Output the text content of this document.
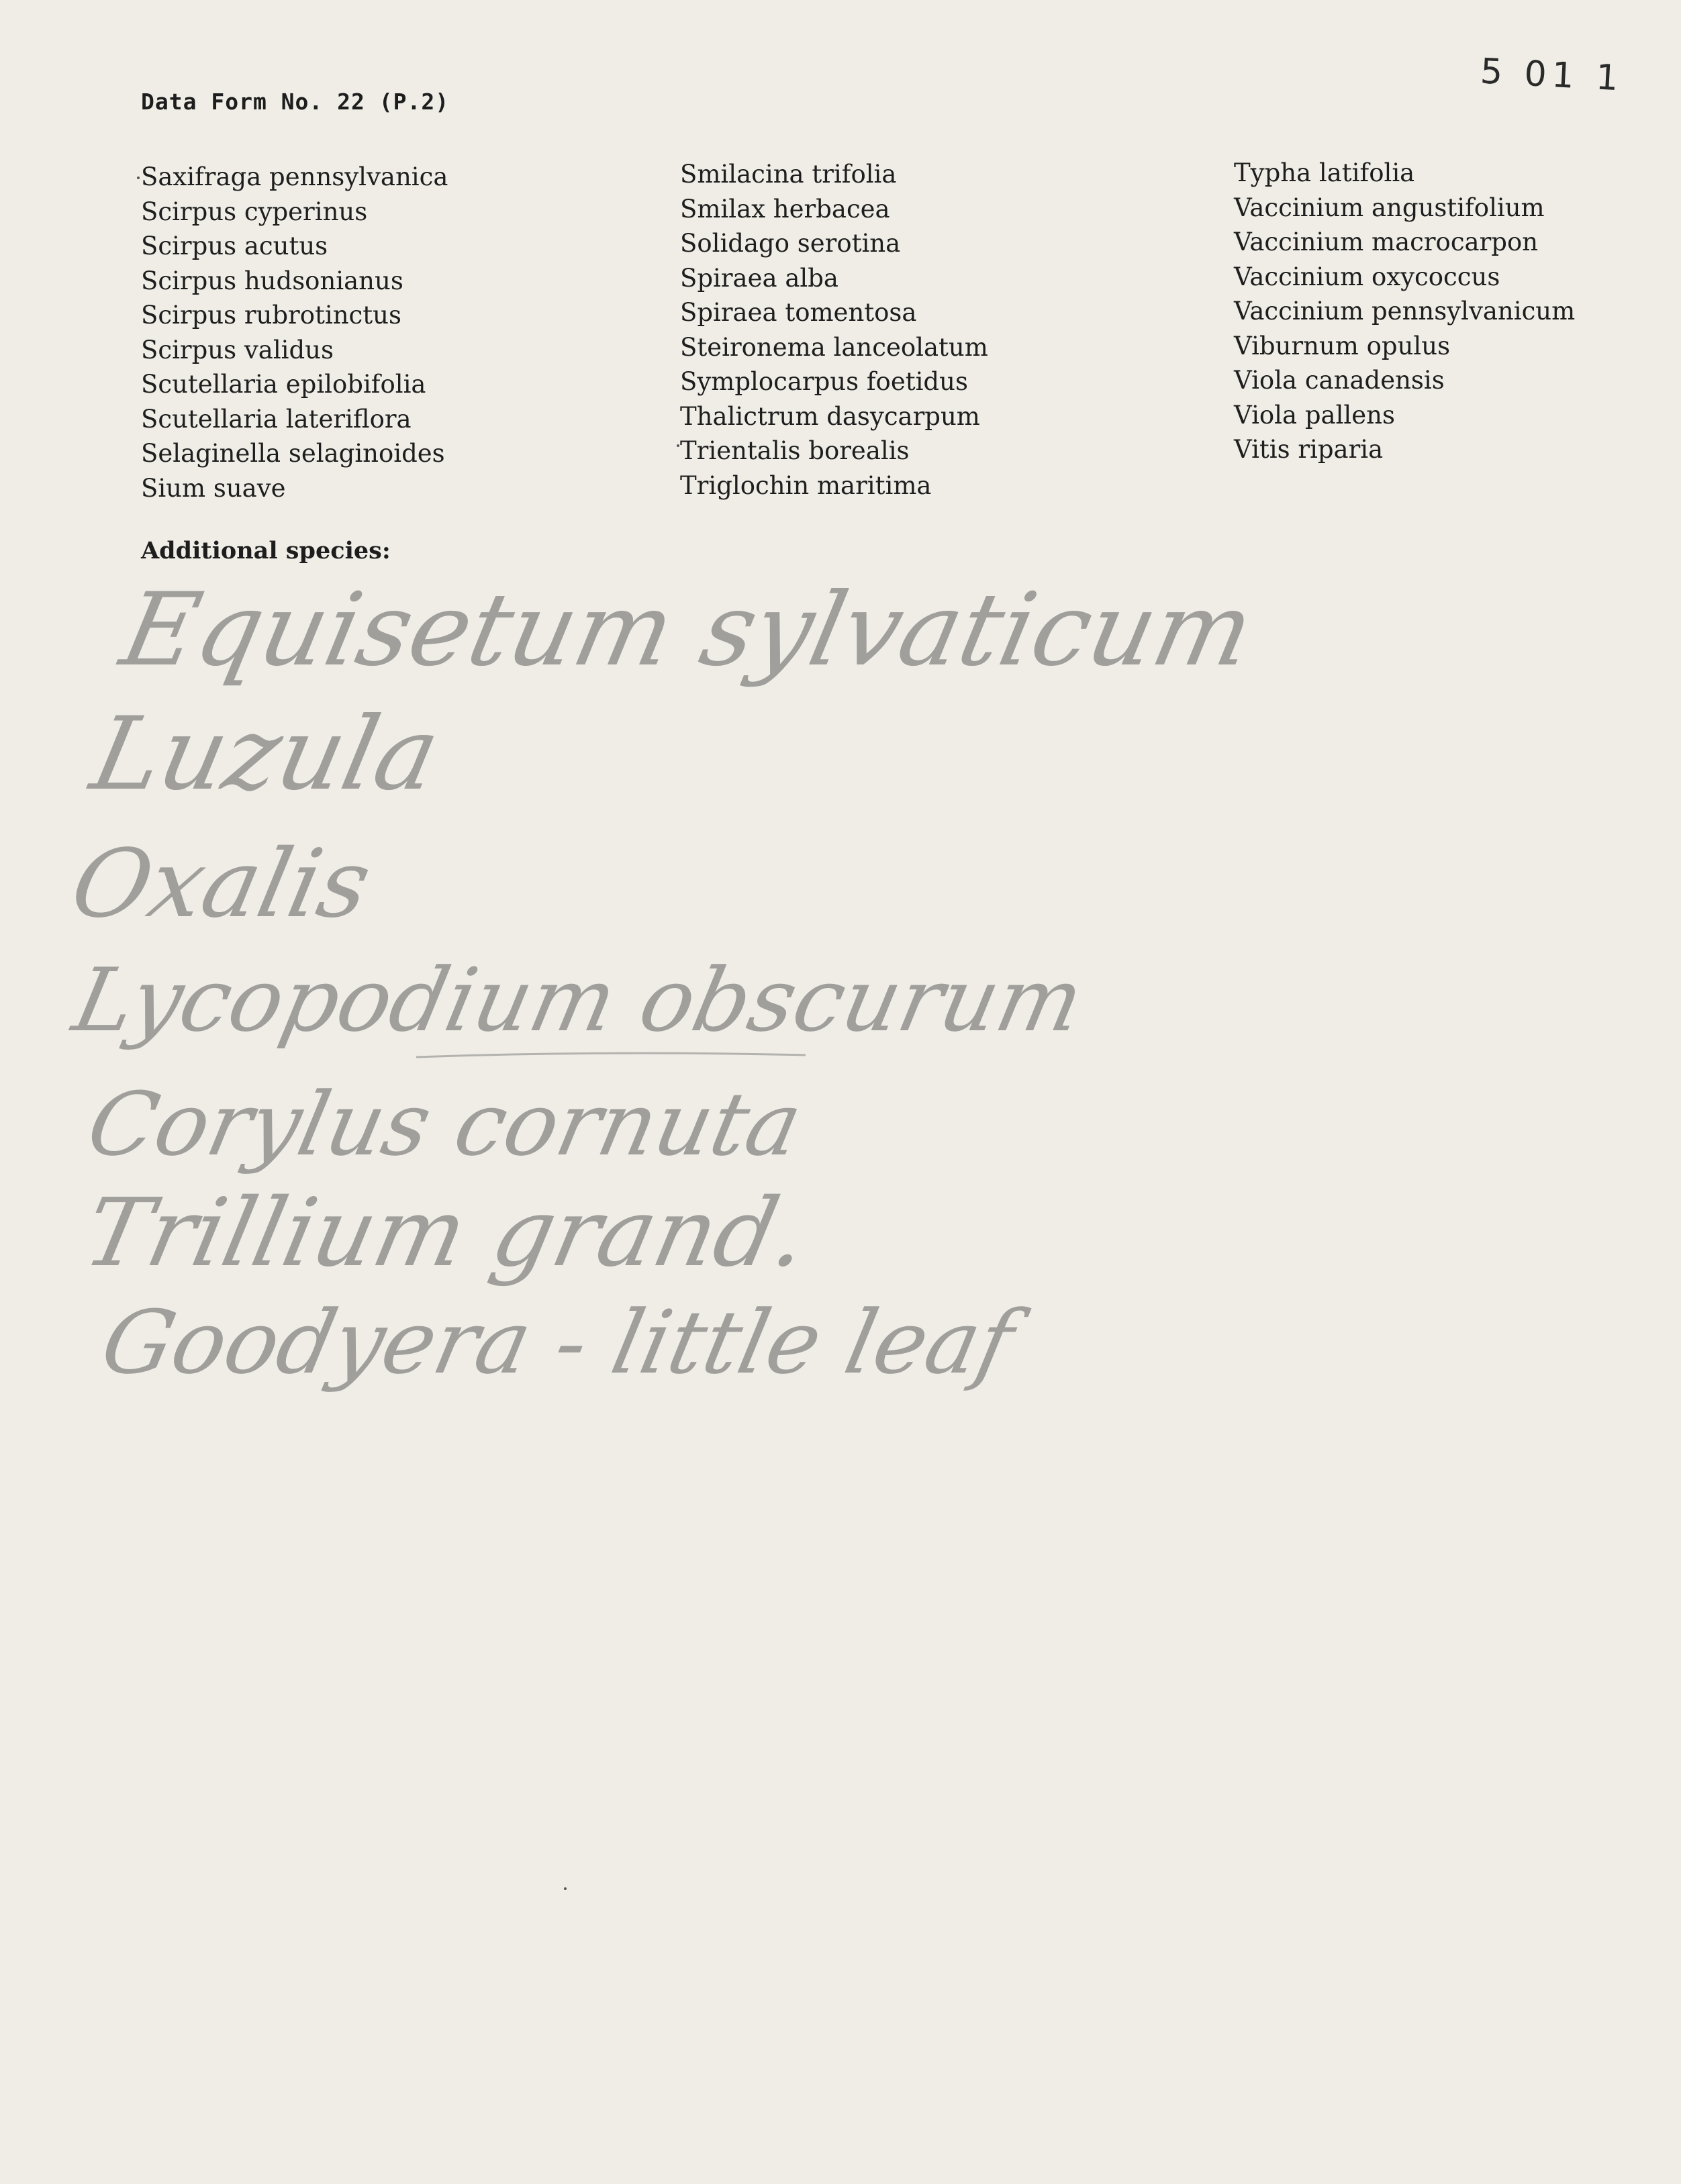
Data Form No. 22 (P.2)
5 01 1
Saxifraga pennsylvanica
Scirpus cyperinus
Scirpus acutus
Scirpus hudsonianus
Scirpus rubrotinctus
Scirpus validus
Scutellaria epilobifolia
Scutellaria lateriflora
Selaginella selaginoides
Sium suave
Smilacina trifolia
Smilax herbacea
Solidago serotina
Spiraea alba
Spiraea tomentosa
Steironema lanceolatum
Symplocarpus foetidus
Thalictrum dasycarpum
Trientalis borealis
Triglochin maritima
Typha latifolia
Vaccinium angustifolium
Vaccinium macrocarpon
Vaccinium oxycoccus
Vaccinium pennsylvanicum
Viburnum opulus
Viola canadensis
Viola pallens
Vitis riparia
Additional species:
Equisetum sylvaticum
Luzula
Oxalis
Lycopodium obscurum
Corylus cornuta
Trillium grand.
Goodyera - little leaf
